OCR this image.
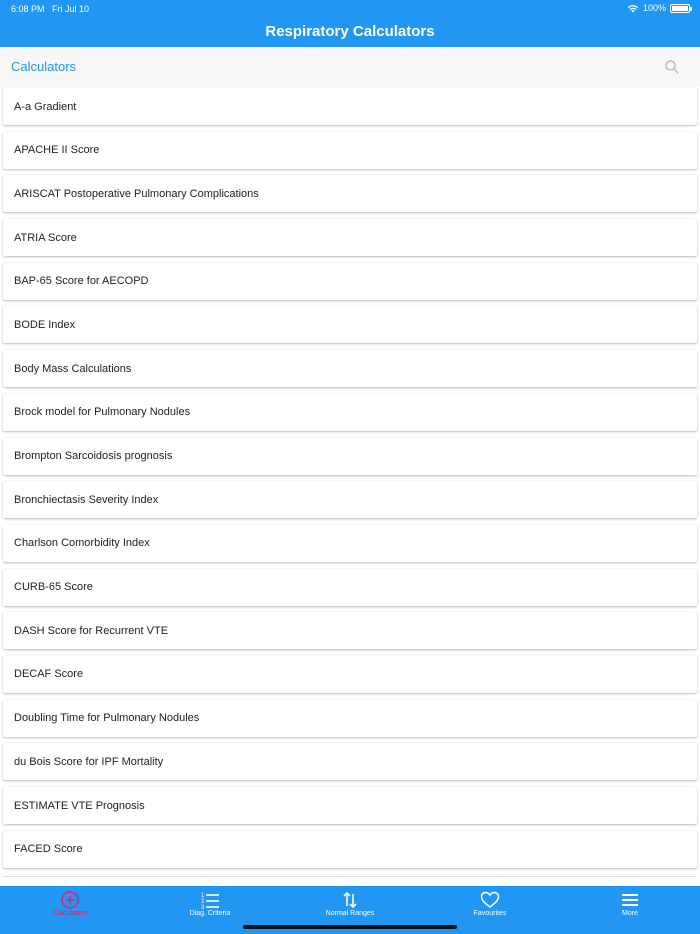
6:08 PM Fri Jul 10	100%
Respiratory Calculators
Calculators
A-a Gradient
APACHE II Score
ARISCAT Postoperative Pulmonary Complications
ATRIA Score
BAP-65 Score for AECOPD
BODE Index
Body Mass Calculations
Brock model for Pulmonary Nodules
Brompton Sarcoidosis prognosis
Bronchiectasis Severity Index
Charlson Comorbidity Index
CURB-65 Score
DASH Score for Recurrent VTE
DECAF Score
Doubling Time for Pulmonary Nodules
du Bois Score for IPF Mortality
ESTIMATE VTE Prognosis
FACED Score
Calculators
1
2
3
Diag. Criteria	Normal Ranges	Favourites	More
